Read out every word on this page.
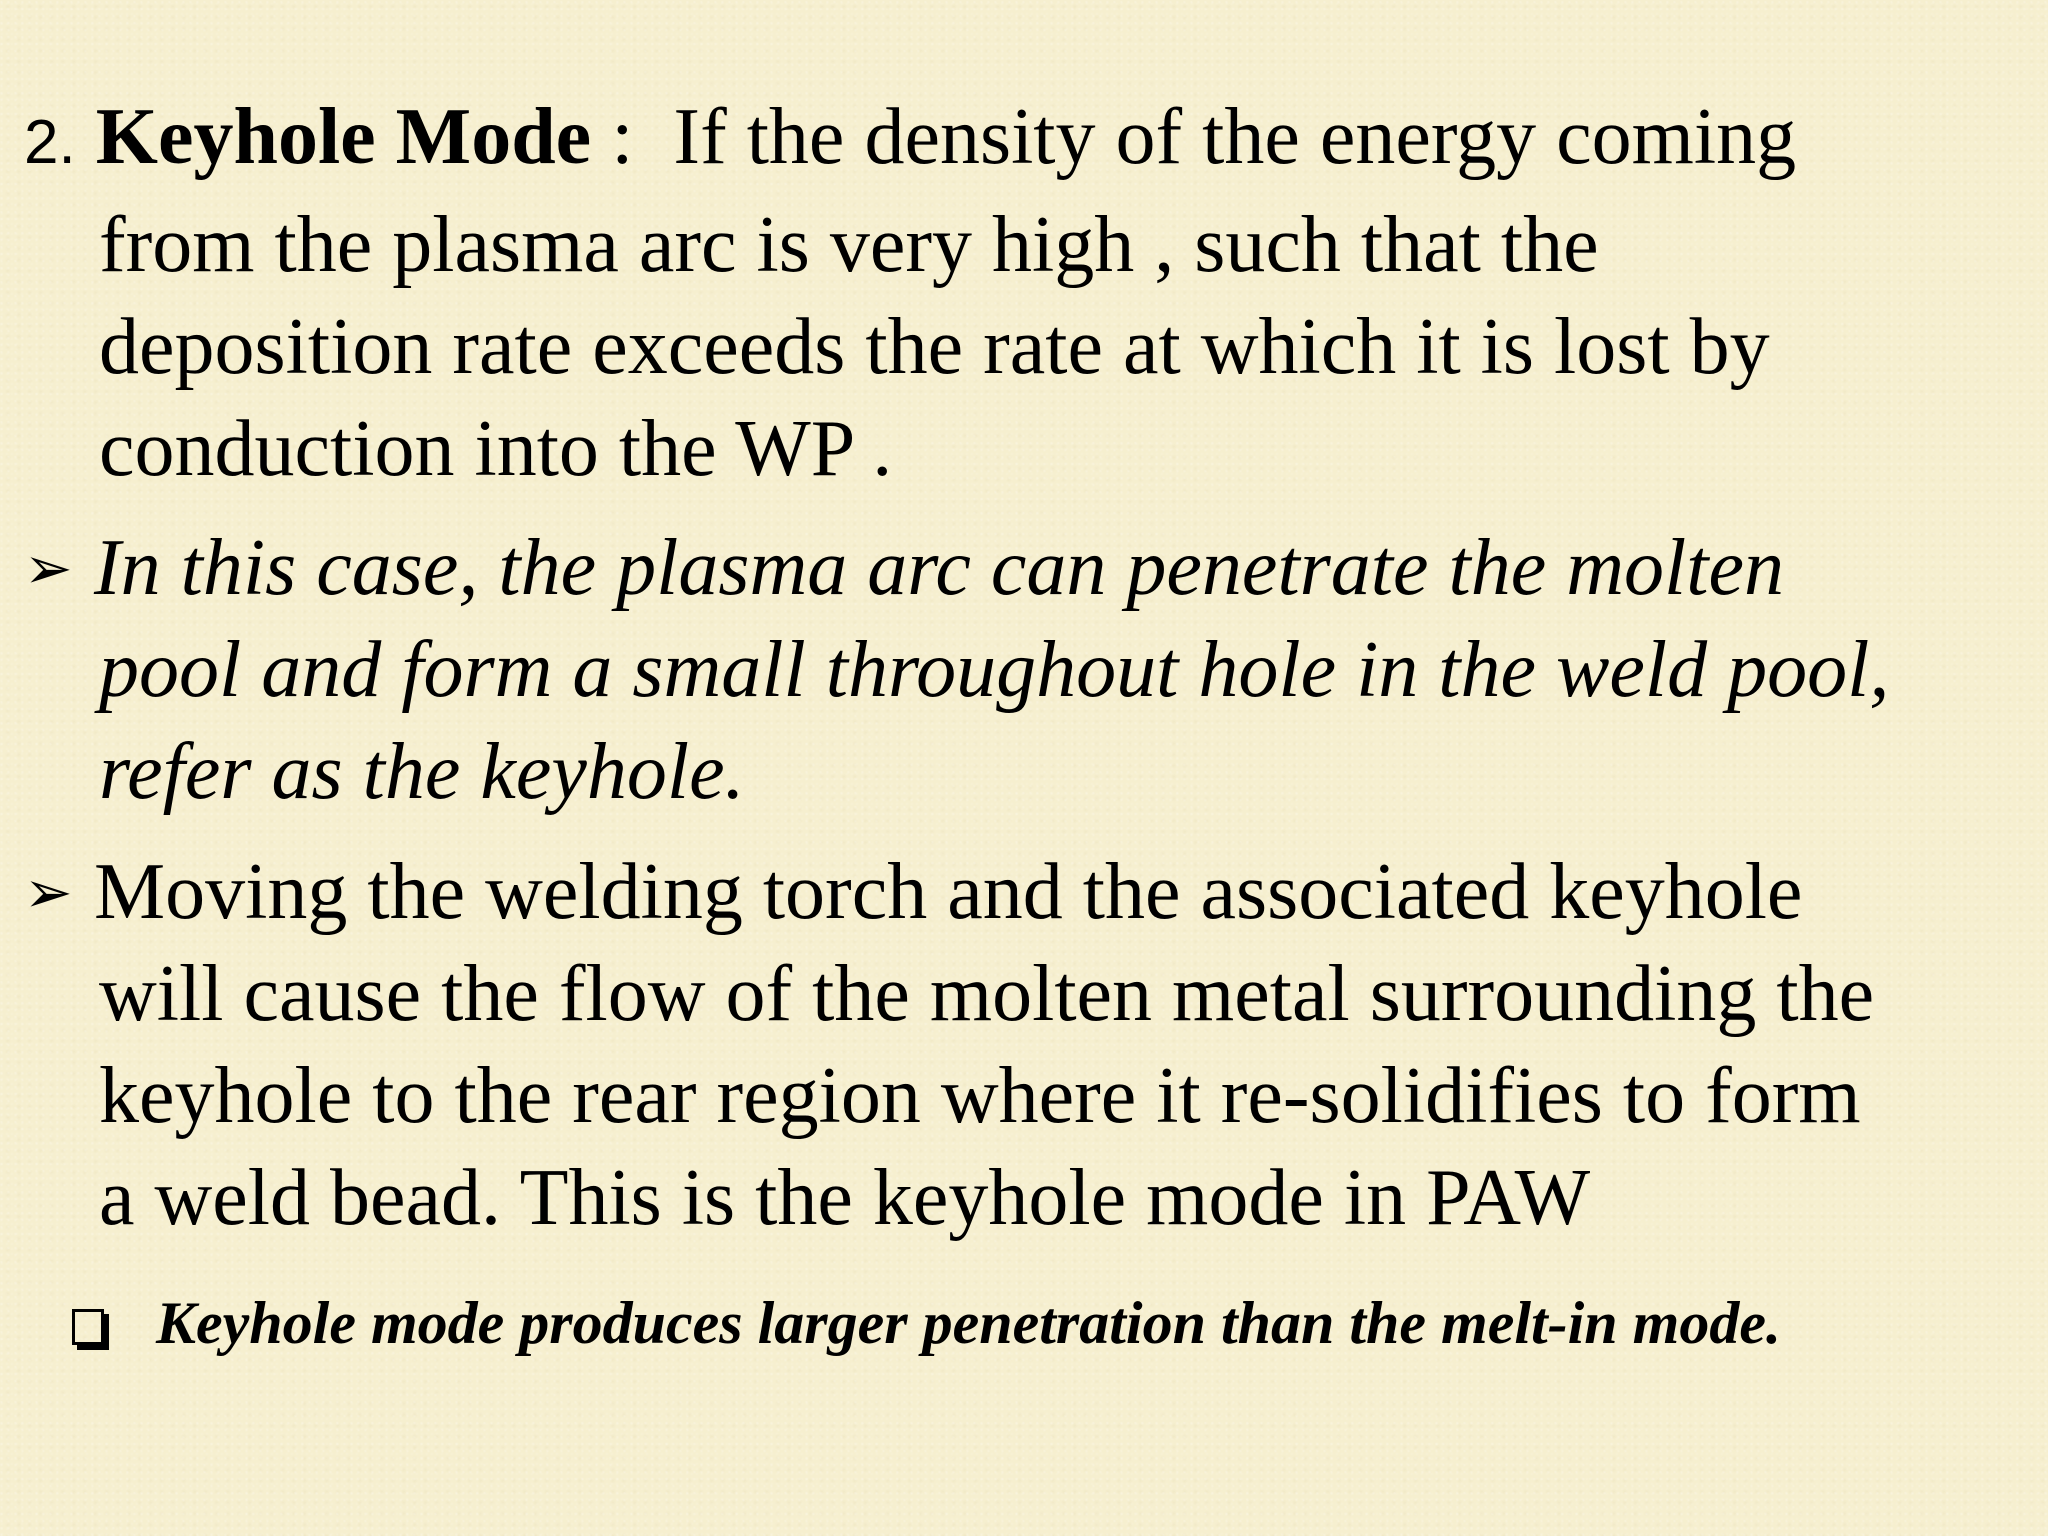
2. Keyhole Mode :  If the density of the energy coming
from the plasma arc is very high , such that the
deposition rate exceeds the rate at which it is lost by
conduction into the WP .
➢ In this case, the plasma arc can penetrate the molten
pool and form a small throughout hole in the weld pool,
refer as the keyhole.
➢ Moving the welding torch and the associated keyhole
will cause the flow of the molten metal surrounding the
keyhole to the rear region where it re-solidifies to form
a weld bead. This is the keyhole mode in PAW
Keyhole mode produces larger penetration than the melt-in mode.
